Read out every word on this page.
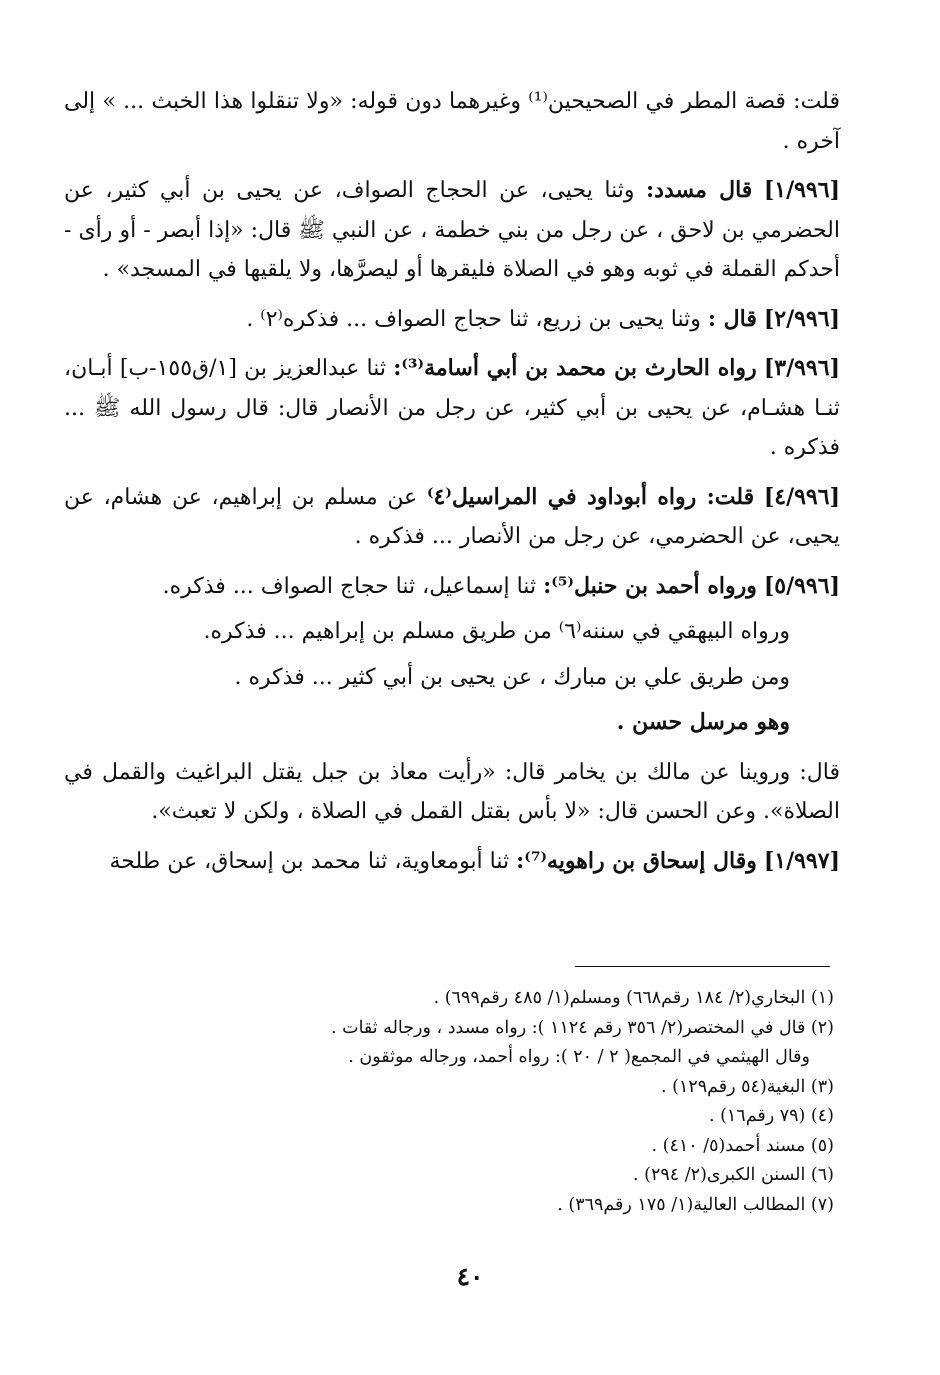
قلت: قصة المطر في الصحيحين⁽¹⁾ وغيرهما دون قوله: «ولا تنقلوا هذا الخبث ... » إلى آخره .

[١/٩٩٦] قال مسدد: وثنا يحيى، عن الحجاج الصواف، عن يحيى بن أبي كثير، عن الحضرمي بن لاحق ، عن رجل من بني خطمة ، عن النبي ﷺ قال: «إذا أبصر - أو رأى - أحدكم القملة في ثوبه وهو في الصلاة فليقرها أو ليصرَّها، ولا يلقيها في المسجد» .

[٢/٩٩٦] قال : وثنا يحيى بن زريع، ثنا حجاج الصواف ... فذكره⁽٢⁾ .

[٣/٩٩٦] رواه الحارث بن محمد بن أبي أسامة⁽³⁾: ثنا عبدالعزيز بن [١/ق١٥٥-ب] أبـان، ثنـا هشـام، عن يحيى بن أبي كثير، عن رجل من الأنصار قال: قال رسول الله ﷺ ... فذكره .

[٤/٩٩٦] قلت: رواه أبوداود في المراسيل⁽٤⁾ عن مسلم بن إبراهيم، عن هشام، عن يحيى، عن الحضرمي، عن رجل من الأنصار ... فذكره .

[٥/٩٩٦] ورواه أحمد بن حنبل⁽⁵⁾: ثنا إسماعيل، ثنا حجاج الصواف ... فذكره.

ورواه البيهقي في سننه⁽٦⁾ من طريق مسلم بن إبراهيم ... فذكره.

ومن طريق علي بن مبارك ، عن يحيى بن أبي كثير ... فذكره .

وهو مرسل حسن .

قال: وروينا عن مالك بن يخامر قال: «رأيت معاذ بن جبل يقتل البراغيث والقمل في الصلاة». وعن الحسن قال: «لا بأس بقتل القمل في الصلاة ، ولكن لا تعبث».

[١/٩٩٧] وقال إسحاق بن راهويه⁽⁷⁾: ثنا أبومعاوية، ثنا محمد بن إسحاق، عن طلحة

(١) البخاري(٢/ ١٨٤ رقم٦٦٨) ومسلم(١/ ٤٨٥ رقم٦٩٩) .

(٢) قال في المختصر(٢/ ٣٥٦ رقم ١١٢٤ ): رواه مسدد ، ورجاله ثقات .

وقال الهيثمي في المجمع( ٢ / ٢٠ ): رواه أحمد، ورجاله موثقون .

(٣) البغية(٥٤ رقم١٢٩) .

(٤) (٧٩ رقم١٦) .

(٥) مسند أحمد(٥/ ٤١٠) .

(٦) السنن الكبرى(٢/ ٢٩٤) .

(٧) المطالب العالية(١/ ١٧٥ رقم٣٦٩) .

٤٠
